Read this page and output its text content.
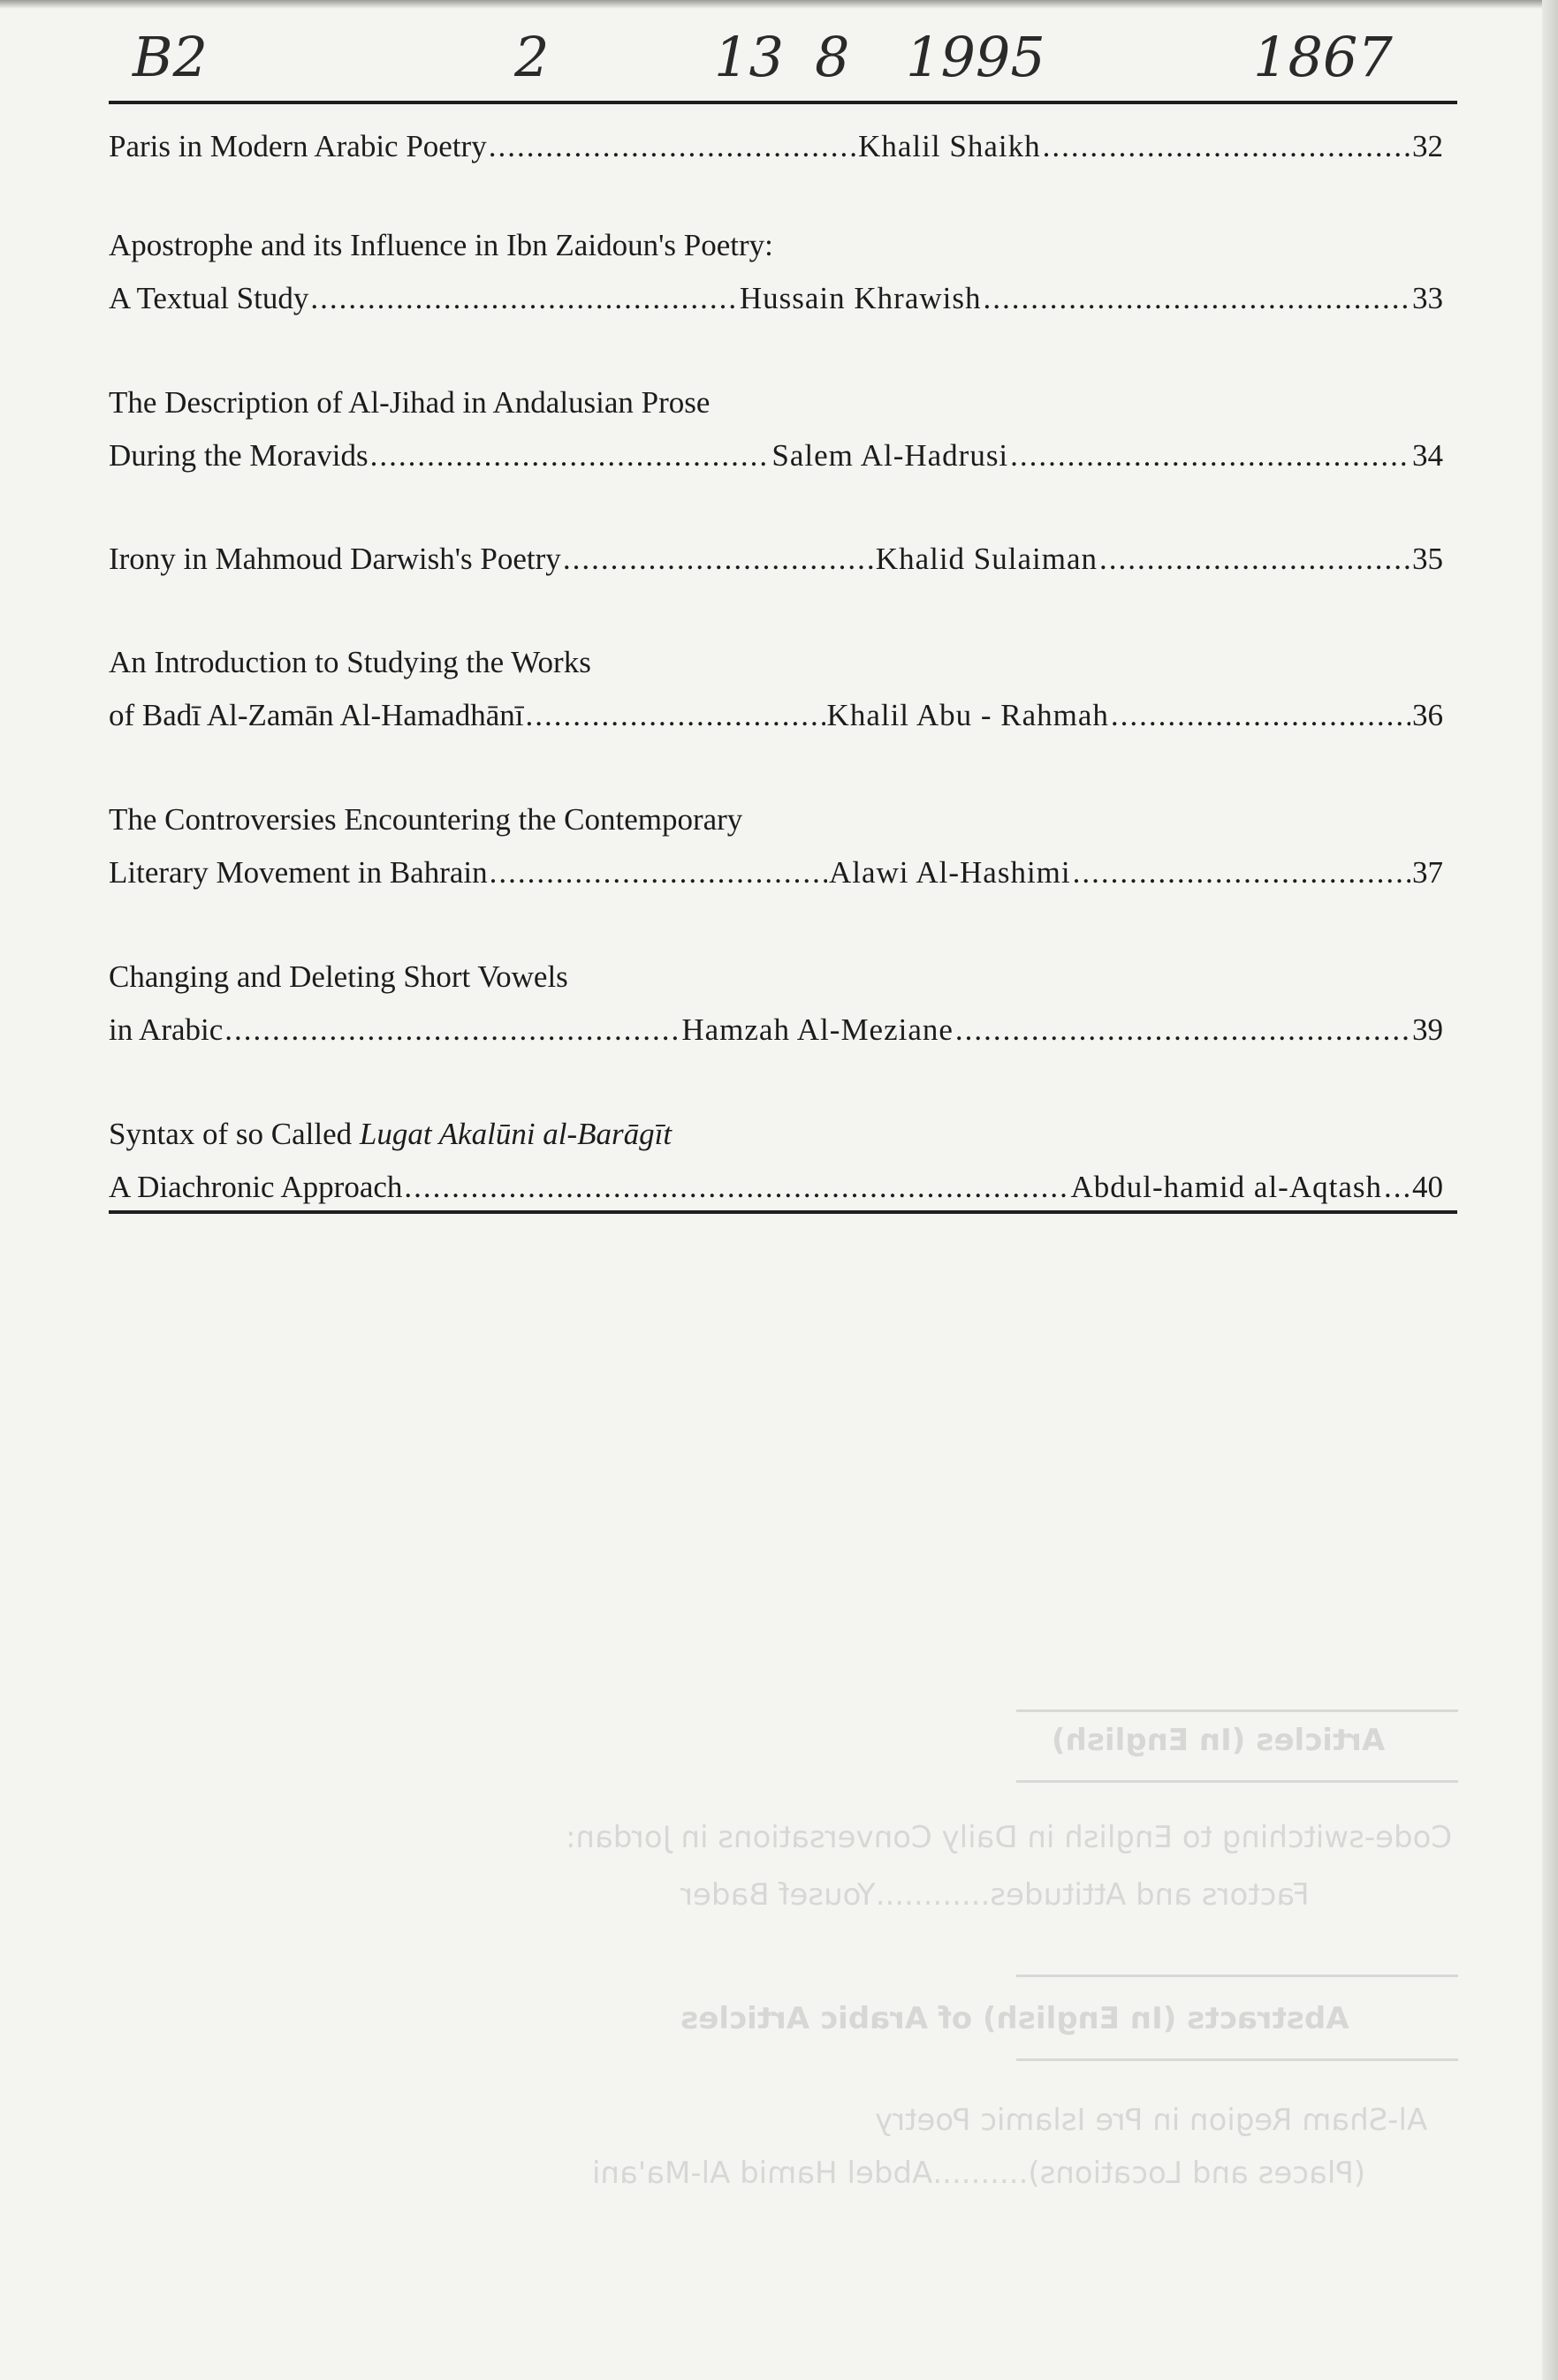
Articles (In English)
Code-switching to English in Daily Conversations in Jordan:
Factors and Attitudes............Yousef Bader
Abstracts (In English) of Arabic Articles
Al-Sham Region in Pre Islamic Poetry
(Places and Locations)..........Abdel Hamid Al-Ma'ani
B2	2	13 8 1995	1867
Paris in Modern Arabic Poetry .....	Khalil Shaikh .....	32
Apostrophe and its Influence in Ibn Zaidoun's Poetry:
A Textual Study .....	Hussain Khrawish .....	33
The Description of Al-Jihad in Andalusian Prose
During the Moravids .....	Salem Al-Hadrusi .....	34
Irony in Mahmoud Darwish's Poetry .....	Khalid Sulaiman .....	35
An Introduction to Studying the Works
of Badī Al-Zamān Al-Hamadhānī .....	Khalil Abu - Rahmah .....	36
The Controversies Encountering the Contemporary
Literary Movement in Bahrain .....	Alawi Al-Hashimi .....	37
Changing and Deleting Short Vowels
in Arabic .....	Hamzah Al-Meziane .....	39
Syntax of so Called Lugat Akalūni al-Barāgīt
A Diachronic Approach .....	Abdul-hamid al-Aqtash ..... 40
